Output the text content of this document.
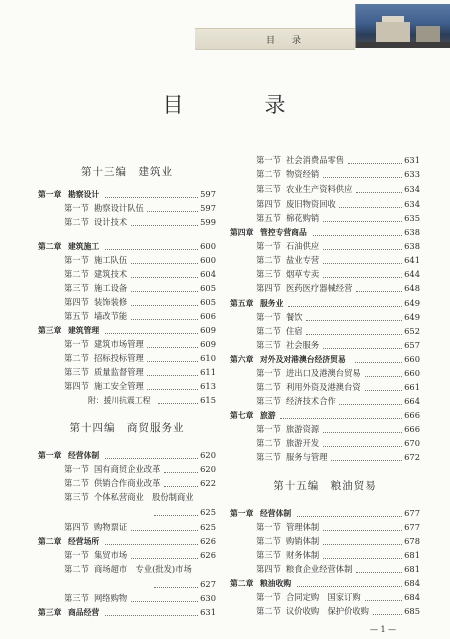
目　录
目　录
第十三编　建筑业
第一章 勘察设计	597
第一节 勘察设计队伍	597
第二节 设计技术	599
第二章 建筑施工	600
第一节 施工队伍	600
第二节 建筑技术	604
第三节 施工设备	605
第四节 装饰装修	605
第五节 墙改节能	606
第三章 建筑管理	609
第一节 建筑市场管理	609
第二节 招标投标管理	610
第三节 质量监督管理	611
第四节 施工安全管理	613
附：援川抗震工程	615
第十四编　商贸服务业
第一章 经营体制	620
第一节 国有商贸企业改革	620
第二节 供销合作商业改革	622
第三节 个体私营商业　股份制商业
625
第四节 购物票证	625
第二章 经营场所	626
第一节 集贸市场	626
第二节 商场超市　专业(批发)市场
627
第三节 网络购物	630
第三章 商品经营	631
第一节 社会消费品零售	631
第二节 物资经销	633
第三节 农业生产资料供应	634
第四节 废旧物资回收	634
第五节 棉花购销	635
第四章 管控专营商品	638
第一节 石油供应	638
第二节 盐业专营	641
第三节 烟草专卖	644
第四节 医药医疗器械经营	648
第五章 服务业	649
第一节 餐饮	649
第二节 住宿	652
第三节 社会服务	657
第六章 对外及对港澳台经济贸易	660
第一节 进出口及港澳台贸易	660
第二节 利用外资及港澳台资	661
第三节 经济技术合作	664
第七章 旅游	666
第一节 旅游资源	666
第二节 旅游开发	670
第三节 服务与管理	672
第十五编　粮油贸易
第一章 经营体制	677
第一节 管理体制	677
第二节 购销体制	678
第三节 财务体制	681
第四节 粮食企业经营体制	681
第二章 粮油收购	684
第一节 合同定购　国家订购	684
第二节 议价收购　保护价收购	685
— 1 —
